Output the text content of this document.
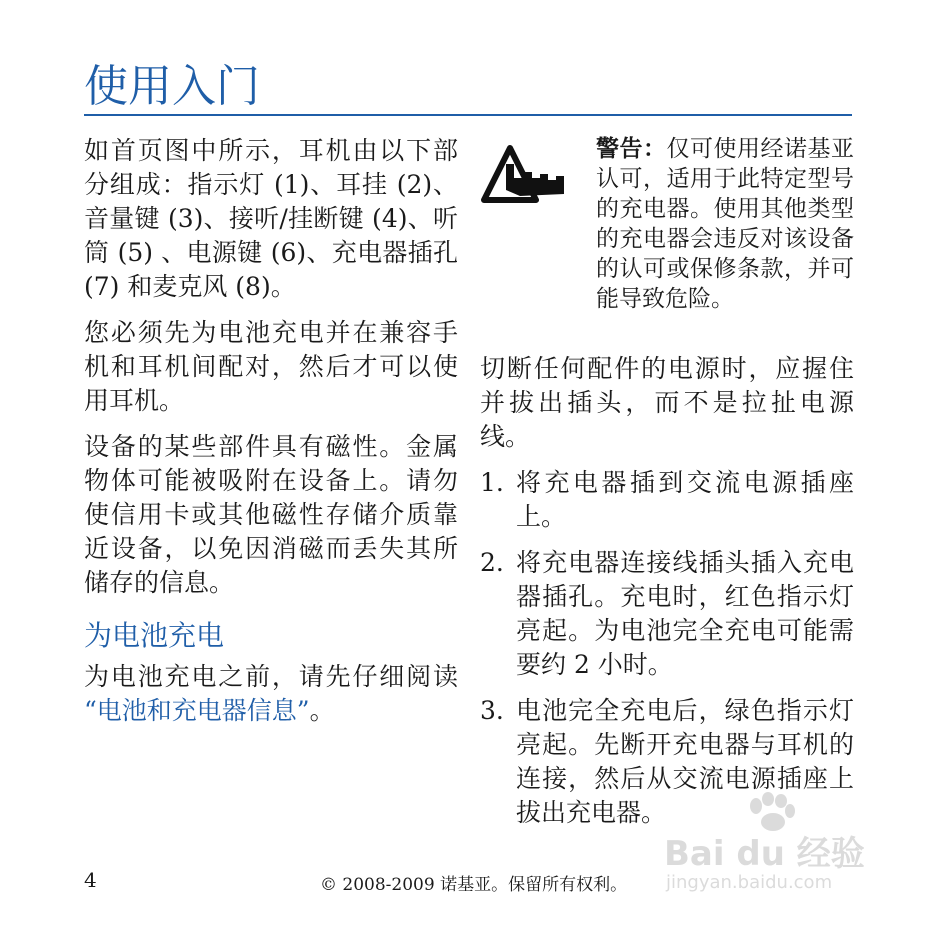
使用入门

如首页图中所示，耳机由以下部分组成：指示灯 (1)、耳挂 (2)、音量键 (3)、接听/挂断键 (4)、听筒 (5) 、电源键 (6)、充电器插孔 (7) 和麦克风 (8)。

您必须先为电池充电并在兼容手机和耳机间配对，然后才可以使用耳机。

设备的某些部件具有磁性。金属物体可能被吸附在设备上。请勿使信用卡或其他磁性存储介质靠近设备，以免因消磁而丢失其所储存的信息。

为电池充电

为电池充电之前，请先仔细阅读 “电池和充电器信息”。

警告：仅可使用经诺基亚认可，适用于此特定型号的充电器。使用其他类型的充电器会违反对该设备的认可或保修条款，并可能导致危险。

切断任何配件的电源时，应握住并拔出插头，而不是拉扯电源线。

1. 将充电器插到交流电源插座上。
2. 将充电器连接线插头插入充电器插孔。充电时，红色指示灯亮起。为电池完全充电可能需要约 2 小时。
3. 电池完全充电后，绿色指示灯亮起。先断开充电器与耳机的连接，然后从交流电源插座上拔出充电器。
4	© 2008-2009 诺基亚。保留所有权利。
Bai du 经验
jingyan.baidu.com
